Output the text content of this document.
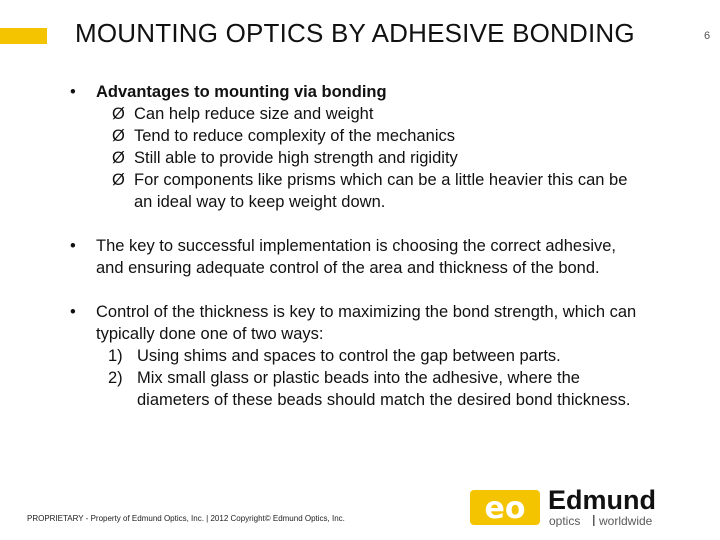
MOUNTING OPTICS BY ADHESIVE BONDING	6
• Advantages to mounting via bonding
Ø Can help reduce size and weight
Ø Tend to reduce complexity of the mechanics
Ø Still able to provide high strength and rigidity
Ø For components like prisms which can be a little heavier this can be an ideal way to keep weight down.
• The key to successful implementation is choosing the correct adhesive, and ensuring adequate control of the area and thickness of the bond.
• Control of the thickness is key to maximizing the bond strength, which can typically done one of two ways:
1) Using shims and spaces to control the gap between parts.
2) Mix small glass or plastic beads into the adhesive, where the diameters of these beads should match the desired bond thickness.
PROPRIETARY - Property of Edmund Optics, Inc. | 2012 Copyright© Edmund Optics, Inc.	eo Edmund
optics worldwide
